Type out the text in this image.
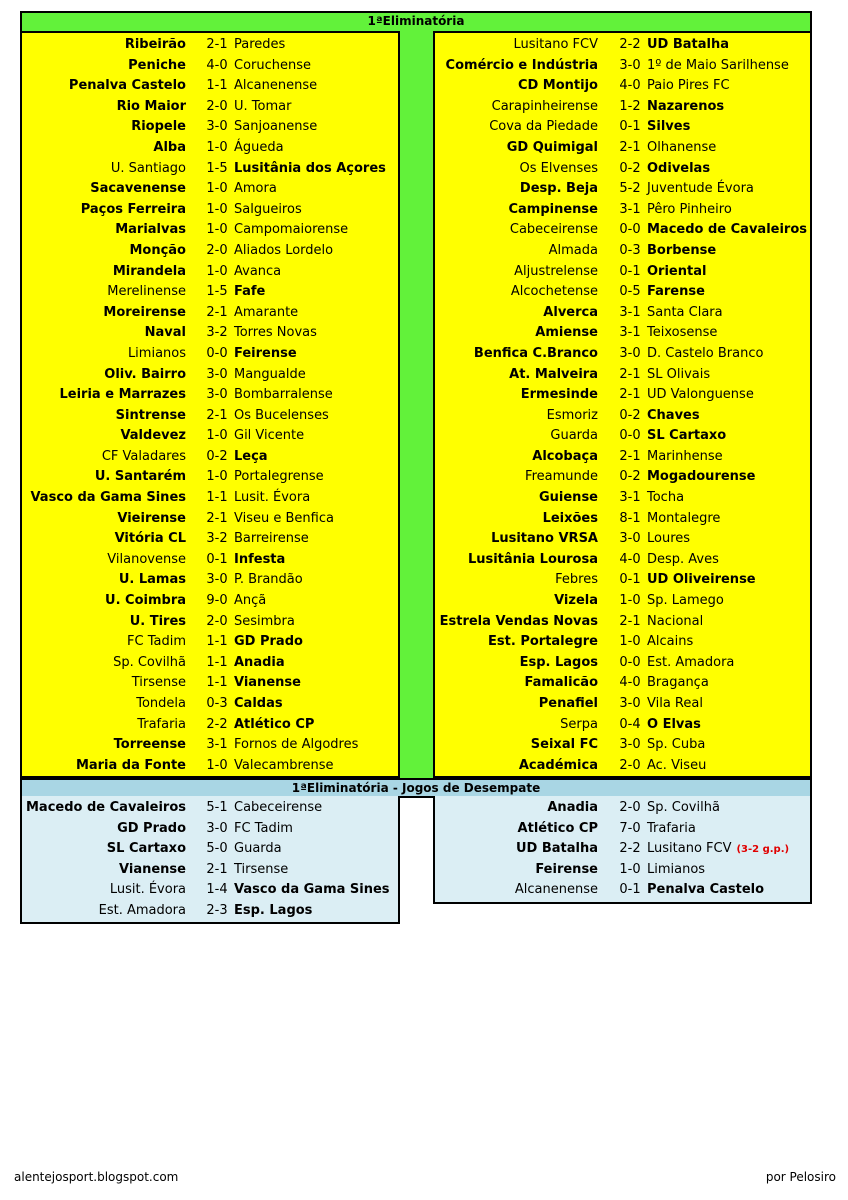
1ªEliminatória
Ribeirão	2-1 Paredes
Peniche	4-0 Coruchense
Penalva Castelo	1-1 Alcanenense
Rio Maior	2-0 U. Tomar
Riopele	3-0 Sanjoanense
Alba	1-0 Águeda
U. Santiago	1-5 Lusitânia dos Açores
Sacavenense	1-0 Amora
Paços Ferreira	1-0 Salgueiros
Marialvas	1-0 Campomaiorense
Monção	2-0 Aliados Lordelo
Mirandela	1-0 Avanca
Merelinense	1-5 Fafe
Moreirense	2-1 Amarante
Naval	3-2 Torres Novas
Limianos	0-0 Feirense
Oliv. Bairro	3-0 Mangualde
Leiria e Marrazes	3-0 Bombarralense
Sintrense	2-1 Os Bucelenses
Valdevez	1-0 Gil Vicente
CF Valadares	0-2 Leça
U. Santarém	1-0 Portalegrense
Vasco da Gama Sines	1-1 Lusit. Évora
Vieirense	2-1 Viseu e Benfica
Vitória CL	3-2 Barreirense
Vilanovense	0-1 Infesta
U. Lamas	3-0 P. Brandão
U. Coimbra	9-0 Ançã
U. Tires	2-0 Sesimbra
FC Tadim	1-1 GD Prado
Sp. Covilhã	1-1 Anadia
Tirsense	1-1 Vianense
Tondela	0-3 Caldas
Trafaria	2-2 Atlético CP
Torreense	3-1 Fornos de Algodres
Maria da Fonte	1-0 Valecambrense
Lusitano FCV	2-2 UD Batalha
Comércio e Indústria	3-0 1º de Maio Sarilhense
CD Montijo	4-0 Paio Pires FC
Carapinheirense	1-2 Nazarenos
Cova da Piedade	0-1 Silves
GD Quimigal	2-1 Olhanense
Os Elvenses	0-2 Odivelas
Desp. Beja	5-2 Juventude Évora
Campinense	3-1 Pêro Pinheiro
Cabeceirense	0-0 Macedo de Cavaleiros
Almada	0-3 Borbense
Aljustrelense	0-1 Oriental
Alcochetense	0-5 Farense
Alverca	3-1 Santa Clara
Amiense	3-1 Teixosense
Benfica C.Branco	3-0 D. Castelo Branco
At. Malveira	2-1 SL Olivais
Ermesinde	2-1 UD Valonguense
Esmoriz	0-2 Chaves
Guarda	0-0 SL Cartaxo
Alcobaça	2-1 Marinhense
Freamunde	0-2 Mogadourense
Guiense	3-1 Tocha
Leixões	8-1 Montalegre
Lusitano VRSA	3-0 Loures
Lusitânia Lourosa	4-0 Desp. Aves
Febres	0-1 UD Oliveirense
Vizela	1-0 Sp. Lamego
Estrela Vendas Novas	2-1 Nacional
Est. Portalegre	1-0 Alcains
Esp. Lagos	0-0 Est. Amadora
Famalicão	4-0 Bragança
Penafiel	3-0 Vila Real
Serpa	0-4 O Elvas
Seixal FC	3-0 Sp. Cuba
Académica	2-0 Ac. Viseu
1ªEliminatória - Jogos de Desempate
Macedo de Cavaleiros	5-1 Cabeceirense
GD Prado	3-0 FC Tadim
SL Cartaxo	5-0 Guarda
Vianense	2-1 Tirsense
Lusit. Évora	1-4 Vasco da Gama Sines
Est. Amadora	2-3 Esp. Lagos
Anadia	2-0 Sp. Covilhã
Atlético CP	7-0 Trafaria
UD Batalha	2-2 Lusitano FCV (3-2 g.p.)
Feirense	1-0 Limianos
Alcanenense	0-1 Penalva Castelo
alentejosport.blogspot.com	por Pelosiro
